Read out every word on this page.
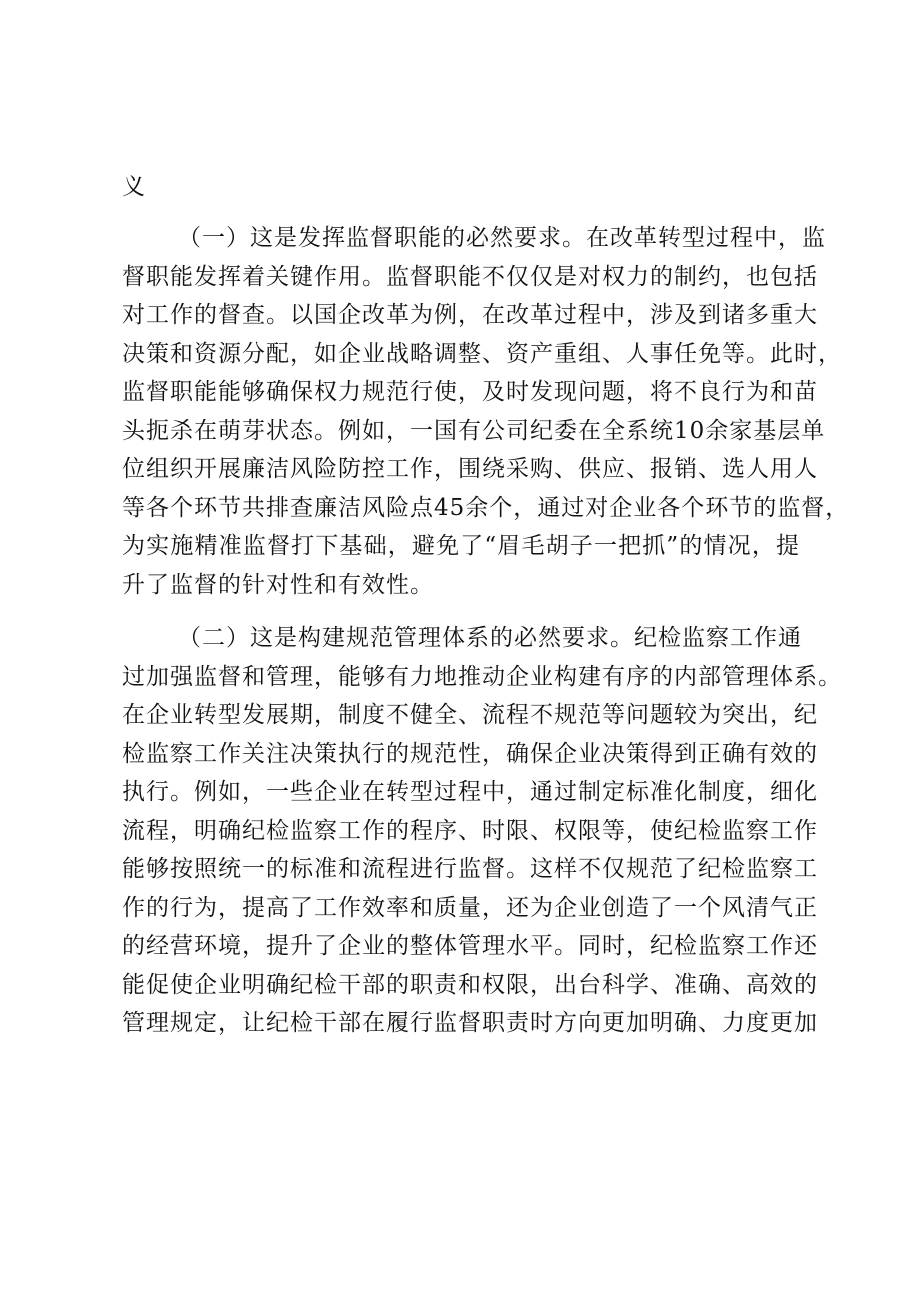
义
（一）这是发挥监督职能的必然要求。在改革转型过程中，监
督职能发挥着关键作用。监督职能不仅仅是对权力的制约，也包括
对工作的督查。以国企改革为例，在改革过程中，涉及到诸多重大
决策和资源分配，如企业战略调整、资产重组、人事任免等。此时，
监督职能能够确保权力规范行使，及时发现问题，将不良行为和苗
头扼杀在萌芽状态。例如，一国有公司纪委在全系统10余家基层单
位组织开展廉洁风险防控工作，围绕采购、供应、报销、选人用人
等各个环节共排查廉洁风险点45余个，通过对企业各个环节的监督，
为实施精准监督打下基础，避免了“眉毛胡子一把抓”的情况，提
升了监督的针对性和有效性。
（二）这是构建规范管理体系的必然要求。纪检监察工作通
过加强监督和管理，能够有力地推动企业构建有序的内部管理体系。
在企业转型发展期，制度不健全、流程不规范等问题较为突出，纪
检监察工作关注决策执行的规范性，确保企业决策得到正确有效的
执行。例如，一些企业在转型过程中，通过制定标准化制度，细化
流程，明确纪检监察工作的程序、时限、权限等，使纪检监察工作
能够按照统一的标准和流程进行监督。这样不仅规范了纪检监察工
作的行为，提高了工作效率和质量，还为企业创造了一个风清气正
的经营环境，提升了企业的整体管理水平。同时，纪检监察工作还
能促使企业明确纪检干部的职责和权限，出台科学、准确、高效的
管理规定，让纪检干部在履行监督职责时方向更加明确、力度更加
